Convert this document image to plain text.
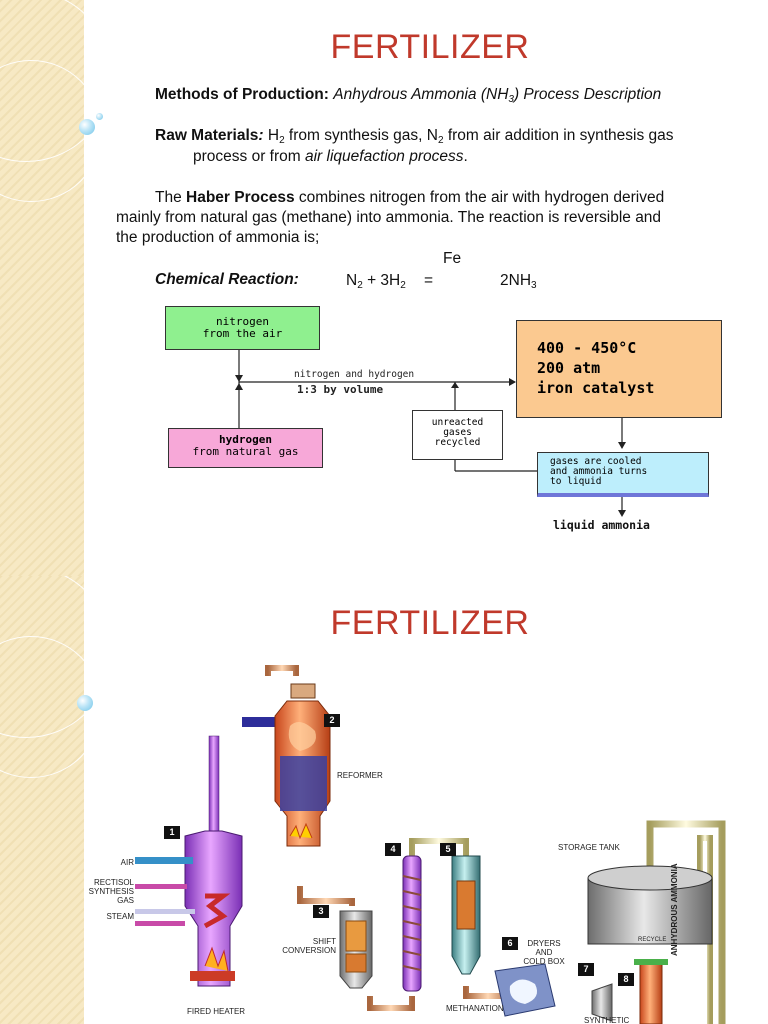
FERTILIZER
Methods of Production: Anhydrous Ammonia $(NH_3)$ Process Description
Raw Materials: $H_2$ from synthesis gas, $N_2$ from air addition in synthesis gas
process or from air liquefaction process.
The Haber Process combines nitrogen from the air with hydrogen derived
mainly from natural gas (methane) into ammonia. The reaction is reversible and
the production of ammonia is;
Fe
Chemical Reaction:	$N_2 + 3H_2$ =	$2NH_3$
nitrogen
from the air
hydrogen
from natural gas
nitrogen and hydrogen
1:3 by volume
400 - 450°C
200 atm
iron catalyst
unreacted
gases
recycled
gases are cooled
and ammonia turns
to liquid
liquid ammonia
FERTILIZER
1
2
3
4	5
6
7
8
REFORMER
AIR
RECTISOL
SYNTHESIS
GAS
STEAM
FIRED HEATER
SHIFT
CONVERSION
METHANATION
DRYERS AND
COLD BOX
STORAGE TANK
RECYCLE ANHYDROUS AMMONIA
SYNTHETIC
